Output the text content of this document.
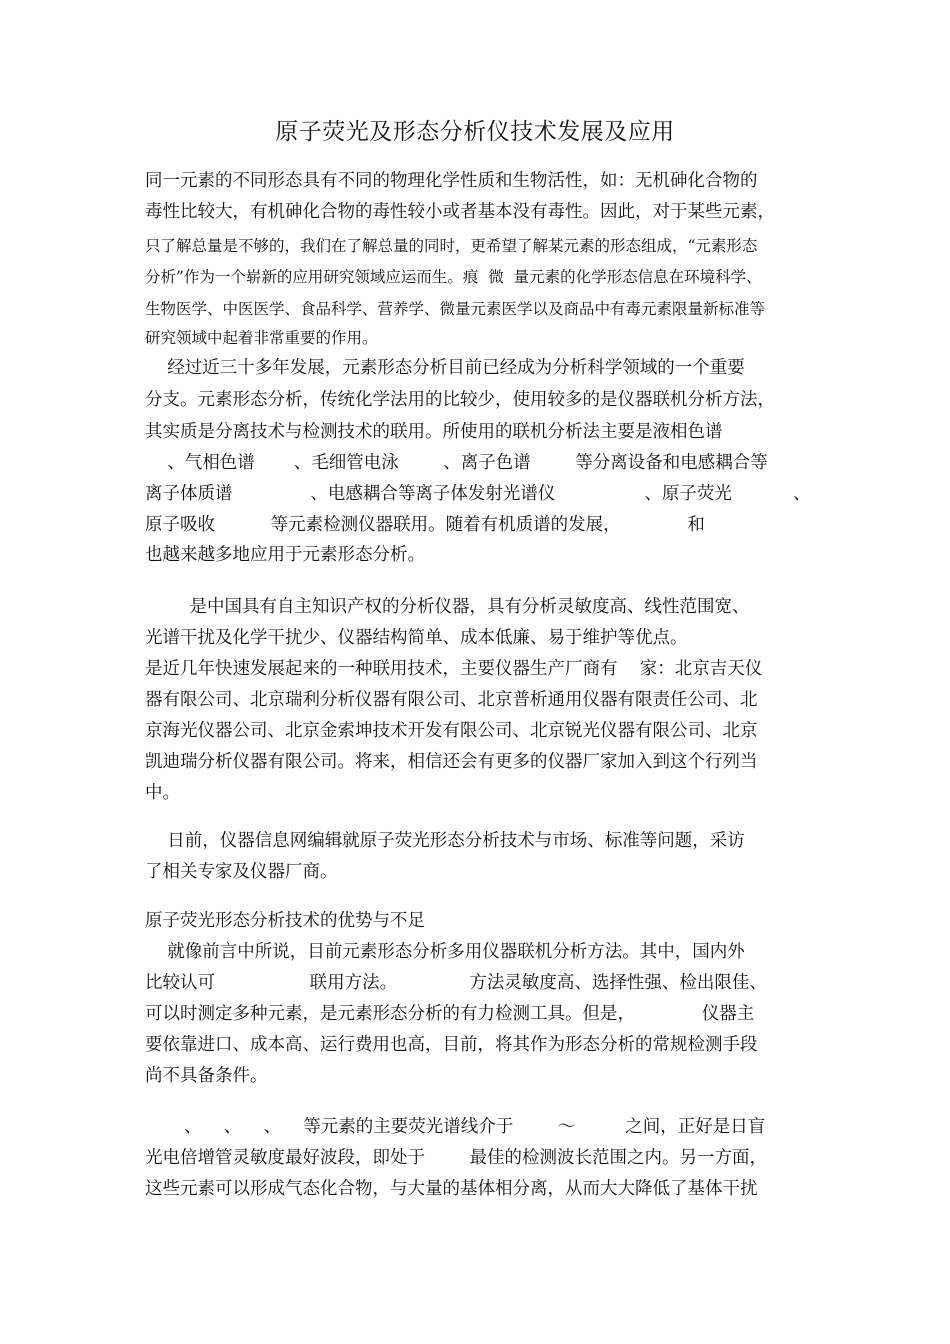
原子荧光及形态分析仪技术发展及应用
同一元素的不同形态具有不同的物理化学性质和生物活性，如：无机砷化合物的
毒性比较大，有机砷化合物的毒性较小或者基本没有毒性。因此，对于某些元素，
只了解总量是不够的，我们在了解总量的同时，更希望了解某元素的形态组成，“元素形态
分析”作为一个崭新的应用研究领域应运而生。痕  微  量元素的化学形态信息在环境科学、
生物医学、中医医学、食品科学、营养学、微量元素医学以及商品中有毒元素限量新标准等
研究领域中起着非常重要的作用。
经过近三十多年发展，元素形态分析目前已经成为分析科学领域的一个重要
分支。元素形态分析，传统化学法用的比较少，使用较多的是仪器联机分析方法，
其实质是分离技术与检测技术的联用。所使用的联机分析法主要是液相色谱
、气相色谱       、毛细管电泳        、离子色谱        等分离设备和电感耦合等
离子体质谱              、电感耦合等离子体发射光谱仪                、原子荧光           、
原子吸收          等元素检测仪器联用。随着有机质谱的发展，            和
也越来越多地应用于元素形态分析。
是中国具有自主知识产权的分析仪器，具有分析灵敏度高、线性范围宽、
光谱干扰及化学干扰少、仪器结构简单、成本低廉、易于维护等优点。
是近几年快速发展起来的一种联用技术，主要仪器生产厂商有    家：北京吉天仪
器有限公司、北京瑞利分析仪器有限公司、北京普析通用仪器有限责任公司、北
京海光仪器公司、北京金索坤技术开发有限公司、北京锐光仪器有限公司、北京
凯迪瑞分析仪器有限公司。将来，相信还会有更多的仪器厂家加入到这个行列当
中。
日前，仪器信息网编辑就原子荧光形态分析技术与市场、标准等问题，采访
了相关专家及仪器厂商。
原子荧光形态分析技术的优势与不足
就像前言中所说，目前元素形态分析多用仪器联机分析方法。其中，国内外
比较认可                 联用方法。             方法灵敏度高、选择性强、检出限佳、
可以时测定多种元素，是元素形态分析的有力检测工具。但是，            仪器主
要依靠进口、成本高、运行费用也高，目前，将其作为形态分析的常规检测手段
尚不具备条件。
、    、    、    等元素的主要荧光谱线介于        ～         之间，正好是日盲
光电倍增管灵敏度最好波段，即处于        最佳的检测波长范围之内。另一方面，
这些元素可以形成气态化合物，与大量的基体相分离，从而大大降低了基体干扰
